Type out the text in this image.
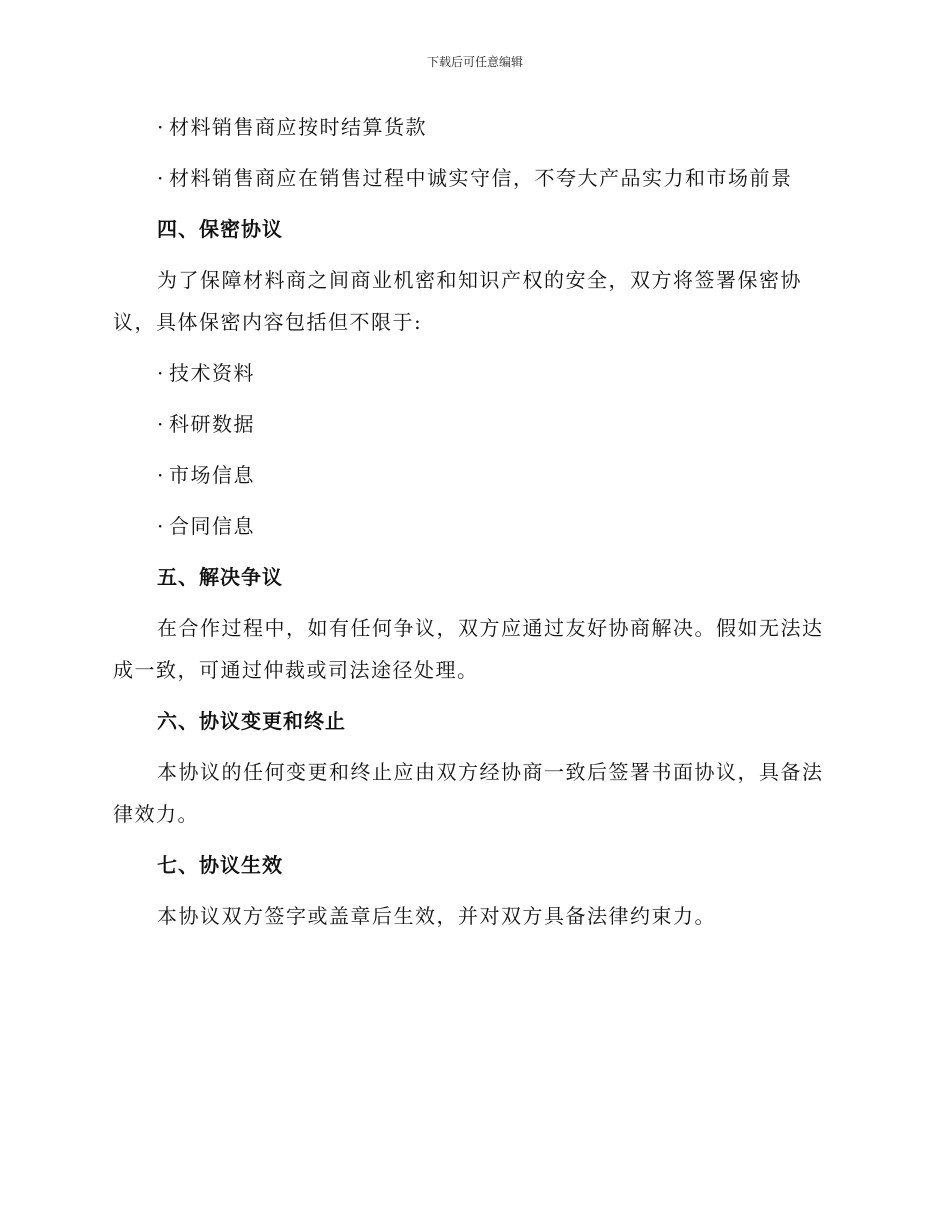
下载后可任意编辑
· 材料销售商应按时结算货款
· 材料销售商应在销售过程中诚实守信，不夸大产品实力和市场前景
四、保密协议
为了保障材料商之间商业机密和知识产权的安全，双方将签署保密协
议，具体保密内容包括但不限于:
· 技术资料
· 科研数据
· 市场信息
· 合同信息
五、解决争议
在合作过程中，如有任何争议，双方应通过友好协商解决。假如无法达
成一致，可通过仲裁或司法途径处理。
六、协议变更和终止
本协议的任何变更和终止应由双方经协商一致后签署书面协议，具备法
律效力。
七、协议生效
本协议双方签字或盖章后生效，并对双方具备法律约束力。
